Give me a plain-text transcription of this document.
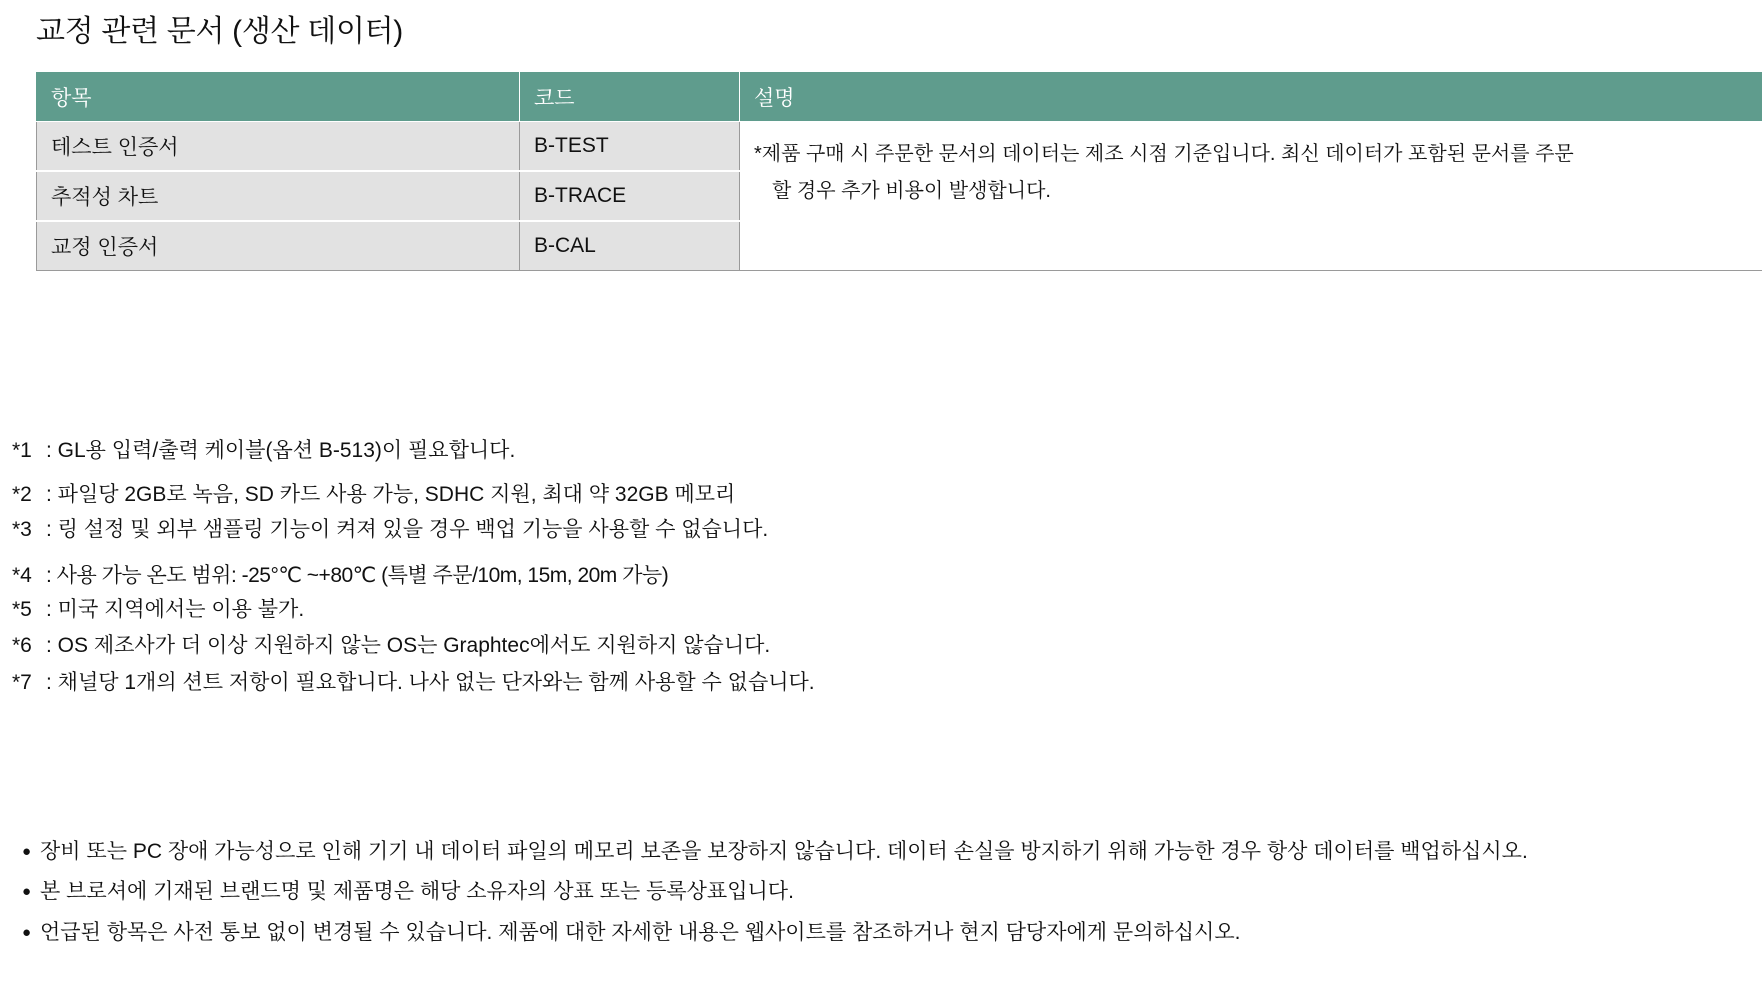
교정 관련 문서 (생산 데이터)
항목	코드	설명
테스트 인증서	B-TEST	*제품 구매 시 주문한 문서의 데이터는 제조 시점 기준입니다. 최신 데이터가 포함된 문서를 주문
할 경우 추가 비용이 발생합니다.

추적성 차트	B-TRACE	
교정 인증서	B-CAL	
*1 : GL용 입력/출력 케이블(옵션 B-513)이 필요합니다.
*2 : 파일당 2GB로 녹음, SD 카드 사용 가능, SDHC 지원, 최대 약 32GB 메모리
*3 : 링 설정 및 외부 샘플링 기능이 켜져 있을 경우 백업 기능을 사용할 수 없습니다.
*4 : 사용 가능 온도 범위: -25°℃ ~+80℃ (특별 주문/10m, 15m, 20m 가능)
*5 : 미국 지역에서는 이용 불가.
*6 : OS 제조사가 더 이상 지원하지 않는 OS는 Graphtec에서도 지원하지 않습니다.
*7 : 채널당 1개의 션트 저항이 필요합니다. 나사 없는 단자와는 함께 사용할 수 없습니다.
● 장비 또는 PC 장애 가능성으로 인해 기기 내 데이터 파일의 메모리 보존을 보장하지 않습니다. 데이터 손실을 방지하기 위해 가능한 경우 항상 데이터를 백업하십시오.
● 본 브로셔에 기재된 브랜드명 및 제품명은 해당 소유자의 상표 또는 등록상표입니다.
● 언급된 항목은 사전 통보 없이 변경될 수 있습니다. 제품에 대한 자세한 내용은 웹사이트를 참조하거나 현지 담당자에게 문의하십시오.
